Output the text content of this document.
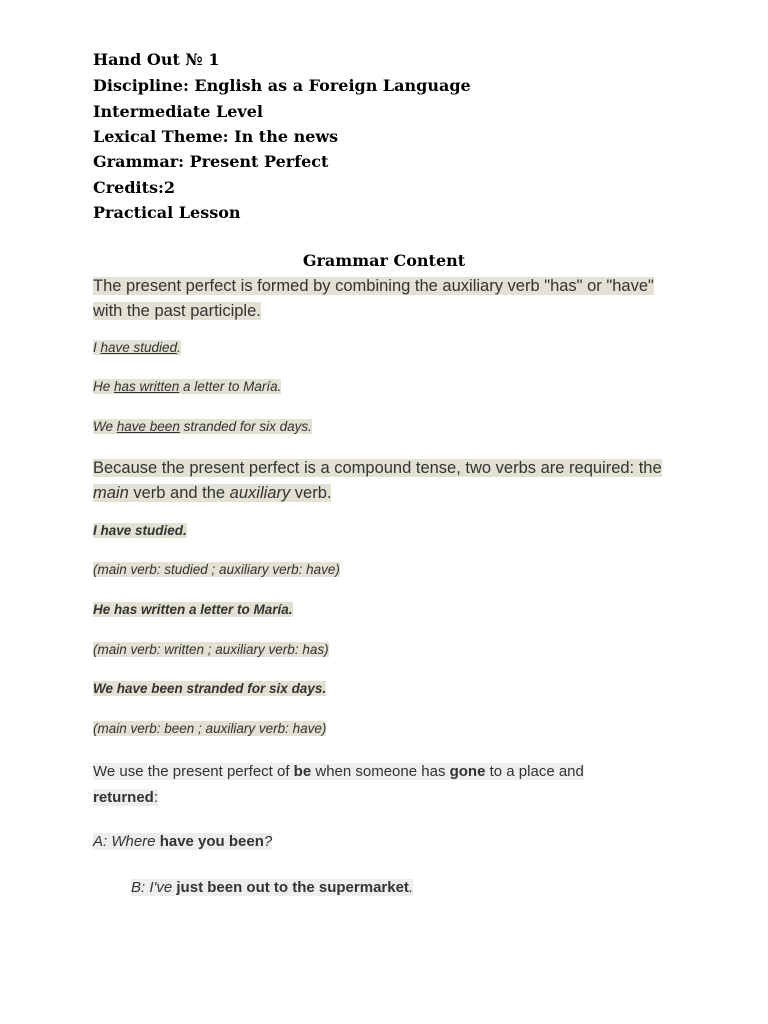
Hand Out № 1
Discipline: English as a Foreign Language
Intermediate Level
Lexical Theme: In the news
Grammar: Present Perfect
Credits:2
Practical Lesson
Grammar Content
The present perfect is formed by combining the auxiliary verb "has" or "have"
with the past participle.
I have studied.
He has written a letter to María.
We have been stranded for six days.
Because the present perfect is a compound tense, two verbs are required: the
main verb and the auxiliary verb.
I have studied.
(main verb: studied ; auxiliary verb: have)
He has written a letter to María.
(main verb: written ; auxiliary verb: has)
We have been stranded for six days.
(main verb: been ; auxiliary verb: have)
We use the present perfect of be when someone has gone to a place and
returned:
A: Where have you been?
B: I've just been out to the supermarket.
